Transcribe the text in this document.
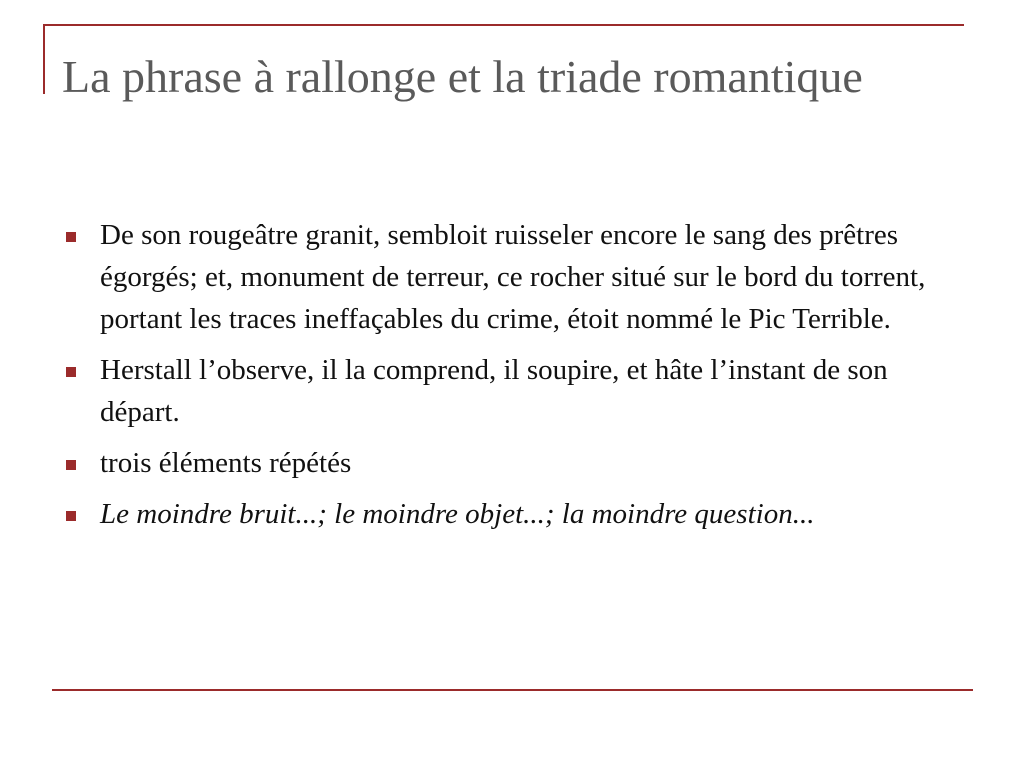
La phrase à rallonge et la triade romantique
De son rougeâtre granit, sembloit ruisseler encore le sang des prêtres égorgés; et, monument de terreur, ce rocher situé sur le bord du torrent, portant les traces ineffaçables du crime, étoit nommé le Pic Terrible.
Herstall l’observe, il la comprend, il soupire, et hâte l’instant de son départ.
trois éléments répétés
Le moindre bruit...; le moindre objet...; la moindre question...
